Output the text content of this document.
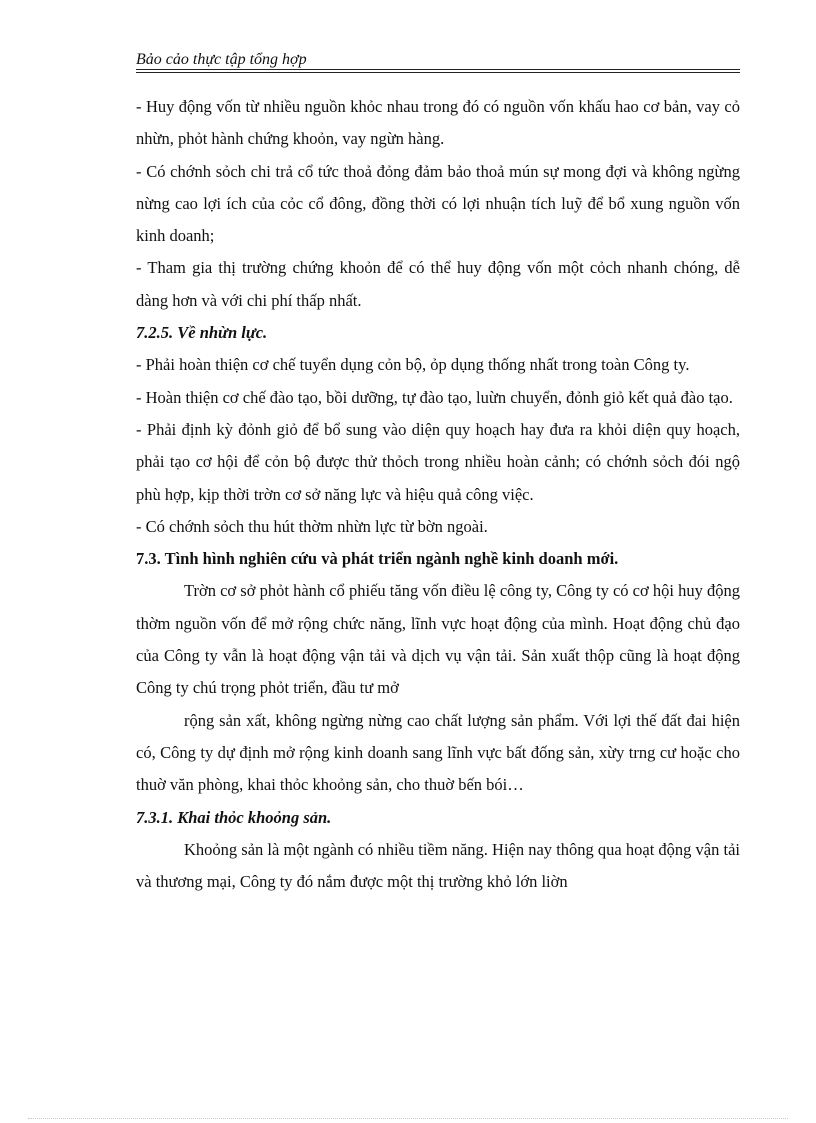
Bảo cảo thực tập tổng hợp

- Huy động vốn từ nhiều nguồn khỏc nhau trong đó có nguồn vốn khấu hao cơ bản, vay cỏ nhừn, phỏt hành chứng khoỏn, vay ngừn hàng.

- Có chớnh sỏch chi trả cổ tức thoả đỏng đảm bảo thoả mún sự mong đợi và không ngừng nừng cao lợi ích của cỏc cổ đông, đồng thời có lợi nhuận tích luỹ để bổ xung nguồn vốn kinh doanh;

- Tham gia thị trường chứng khoỏn để có thể huy động vốn một cỏch nhanh chóng, dễ dàng hơn và với chi phí thấp nhất.

7.2.5. Về nhừn lực.

- Phải hoàn thiện cơ chế tuyển dụng cỏn bộ, ỏp dụng thống nhất trong toàn Công ty.

- Hoàn thiện cơ chế đào tạo, bồi dưỡng, tự đào tạo, luừn chuyển, đỏnh giỏ kết quả đào tạo.

- Phải định kỳ đỏnh giỏ để bổ sung vào diện quy hoạch hay đưa ra khỏi diện quy hoạch, phải tạo cơ hội để cỏn bộ được thử thỏch trong nhiều hoàn cảnh; có chớnh sỏch đói ngộ phù hợp, kịp thời trờn cơ sở năng lực và hiệu quả công việc.

- Có chớnh sỏch thu hút thờm nhừn lực từ bờn ngoài.

7.3. Tình hình nghiên cứu và phát triển ngành nghề kinh doanh mới.

Trờn cơ sở phỏt hành cổ phiếu tăng vốn điều lệ công ty, Công ty có cơ hội huy động thờm nguồn vốn để mở rộng chức năng, lĩnh vực hoạt động của mình. Hoạt động chủ đạo của Công ty vẫn là hoạt động vận tải và dịch vụ vận tải. Sản xuất thộp cũng là hoạt động Công ty chú trọng phỏt triển, đầu tư mở

rộng sản xất, không ngừng nừng cao chất lượng sản phẩm. Với lợi thế đất đai hiện có, Công ty dự định mở rộng kinh doanh sang lĩnh vực bất đống sản, xừy trng cư hoặc cho thuờ văn phòng, khai thỏc khoỏng sản, cho thuờ bến bói…

7.3.1. Khai thỏc khoỏng sản.

Khoỏng sản là một ngành có nhiều tiềm năng. Hiện nay thông qua hoạt động vận tải và thương mại, Công ty đó nắm được một thị trường khỏ lớn liờn
